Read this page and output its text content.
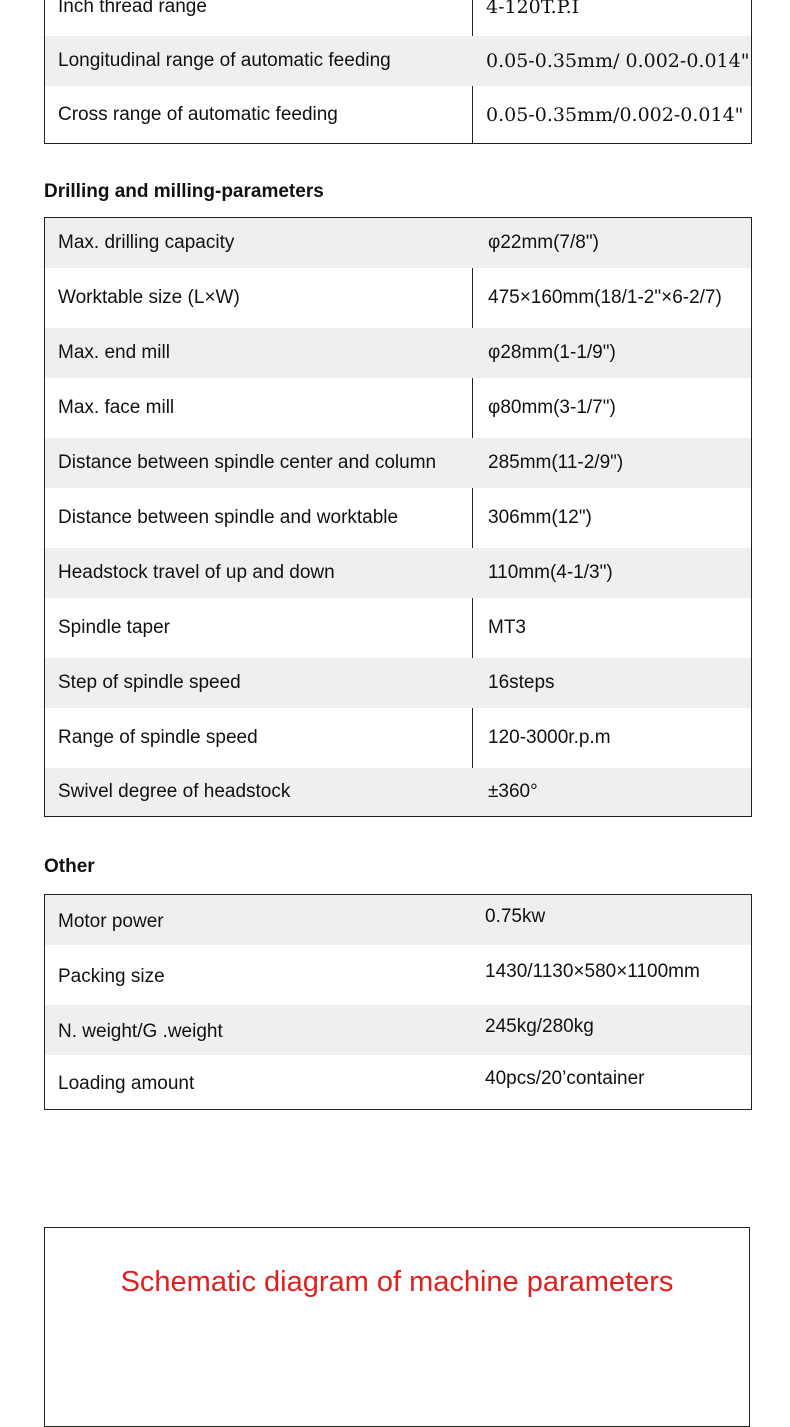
Inch thread range	4-120T.P.I
Longitudinal range of automatic feeding	0.05-0.35mm/ 0.002-0.014"
Cross range of automatic feeding	0.05-0.35mm/0.002-0.014"
Drilling and milling-parameters
Max. drilling capacity	φ22mm(7/8")
Worktable size (L×W)	475×160mm(18/1-2"×6-2/7)
Max. end mill	φ28mm(1-1/9")
Max. face mill	φ80mm(3-1/7")
Distance between spindle center and column	285mm(11-2/9")
Distance between spindle and worktable	306mm(12")
Headstock travel of up and down	110mm(4-1/3")
Spindle taper	MT3
Step of spindle speed	16steps
Range of spindle speed	120-3000r.p.m
Swivel degree of headstock	±360°
Other
Motor power	0.75kw
Packing size	1430/1130×580×1100mm
N. weight/G .weight	245kg/280kg
Loading amount	40pcs/20’container
Schematic diagram of machine parameters
